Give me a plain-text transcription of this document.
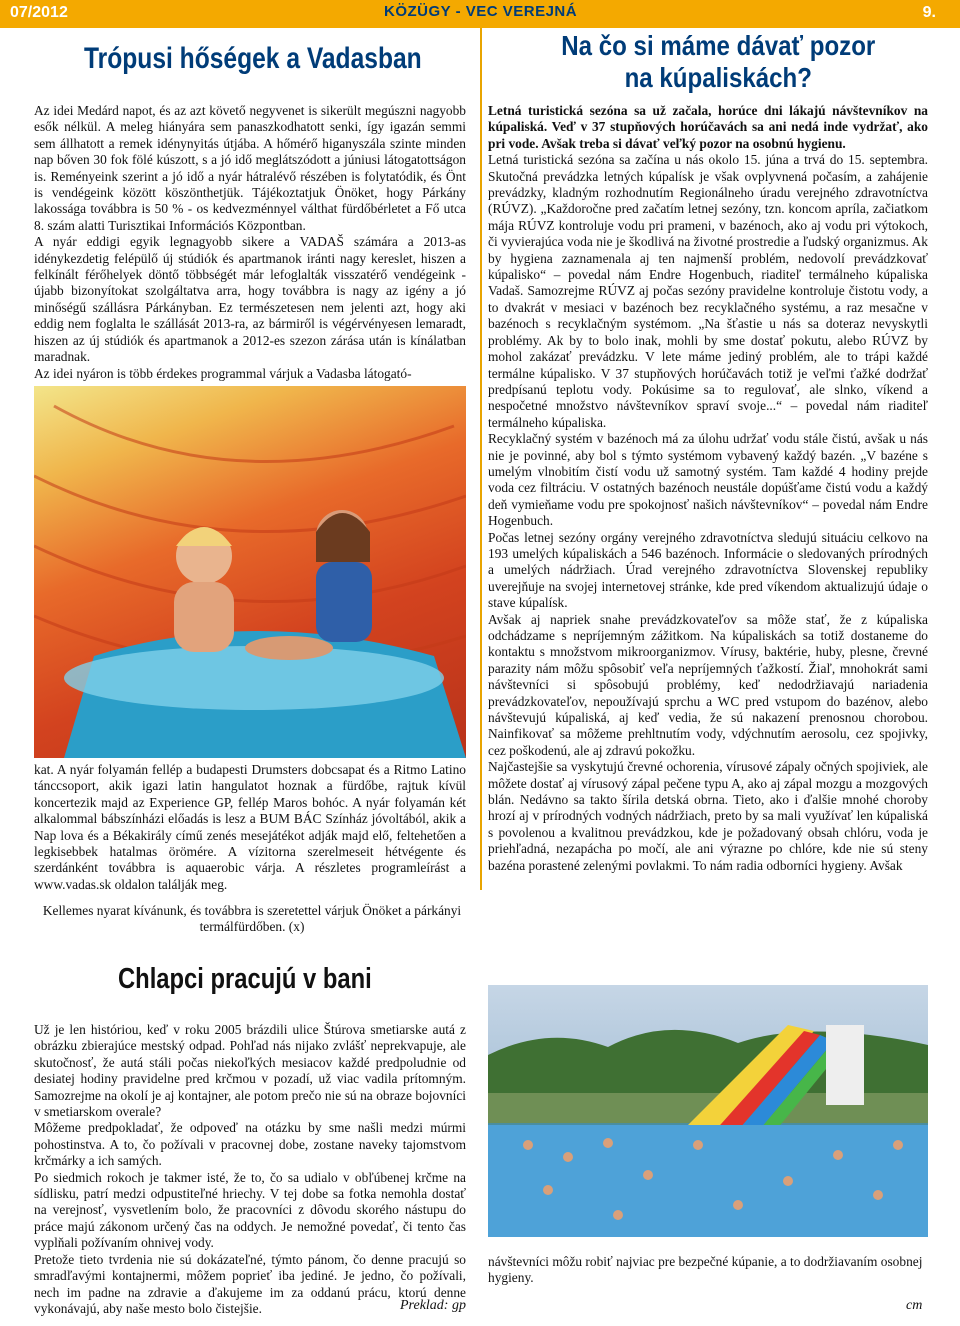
07/2012	KÖZÜGY - VEC VEREJNÁ	9.
Trópusi hőségek a Vadasban

Az idei Medárd napot, és az azt követő negyvenet is sikerült megúszni nagyobb esők nélkül. A meleg hiányára sem panaszkodhatott senki, így igazán semmi sem állhatott a remek idénynyitás útjába. A hőmérő higanyszála szinte minden nap bőven 30 fok fölé kúszott, s a jó idő meglátszódott a júniusi látogatottságon is. Reményeink szerint a jó idő a nyár hátralévő részében is folytatódik, és Önt is vendégeink között köszönthetjük. Tájékoztatjuk Önöket, hogy Párkány lakossága továbbra is 50 % - os kedvezménnyel válthat fürdőbérletet a Fő utca 8. szám alatti Turisztikai Információs Központban.

A nyár eddigi egyik legnagyobb sikere a VADAŠ számára a 2013-as idénykezdetig felépülő új stúdiók és apartmanok iránti nagy kereslet, hiszen a felkínált férőhelyek döntő többségét már lefoglalták visszatérő vendégeink - újabb bizonyítokat szolgáltatva arra, hogy továbbra is nagy az igény a jó minőségű szállásra Párkányban. Ez természetesen nem jelenti azt, hogy aki eddig nem foglalta le szállását 2013-ra, az bármiről is végérvényesen lemaradt, hiszen az új stúdiók és apartmanok a 2012-es szezon zárása után is kínálatban maradnak.

Az idei nyáron is több érdekes programmal várjuk a Vadasba látogató-

kat. A nyár folyamán fellép a budapesti Drumsters dobcsapat és a Ritmo Latino tánccsoport, akik igazi latin hangulatot hoznak a fürdőbe, rajtuk kívül koncertezik majd az Experience GP, fellép Maros bohóc. A nyár folyamán két alkalommal bábszínházi előadás is lesz a BUM BÁC Színház jóvoltából, akik a Nap lova és a Békakirály című zenés mesejátékot adják majd elő, feltehetően a legkisebbek hatalmas örömére. A vízitorna szerelmeseit hétvégente és szerdánként továbbra is aquaerobic várja. A részletes programleírást a www.vadas.sk oldalon találják meg.

Kellemes nyarat kívánunk, és továbbra is szeretettel várjuk Önöket a párkányi termálfürdőben. (x)
Na čo si máme dávať pozor na kúpaliskách?

Letná turistická sezóna sa už začala, horúce dni lákajú návštevníkov na kúpaliská. Veď v 37 stupňových horúčavách sa ani nedá inde vydržať, ako pri vode. Avšak treba si dávať veľký pozor na osobnú hygienu.

Letná turistická sezóna sa začína u nás okolo 15. júna a trvá do 15. septembra. Skutočná prevádzka letných kúpalísk je však ovplyvnená počasím, a zahájenie prevádzky, kladným rozhodnutím Regionálneho úradu verejného zdravotníctva (RÚVZ). „Každoročne pred začatím letnej sezóny, tzn. koncom apríla, začiatkom mája RÚVZ kontroluje vodu pri prameni, v bazénoch, ako aj vodu pri výtokoch, či vyvierajúca voda nie je škodlivá na životné prostredie a ľudský organizmus. Ak by hygiena zaznamenala aj ten najmenší problém, nedovolí prevádzkovať kúpalisko“ – povedal nám Endre Hogenbuch, riaditeľ termálneho kúpaliska Vadaš. Samozrejme RÚVZ aj počas sezóny pravidelne kontroluje čistotu vody, a to dvakrát v mesiaci v bazénoch bez recyklačného systému, a raz mesačne v bazénoch s recyklačným systémom. „Na šťastie u nás sa doteraz nevyskytli problémy. Ak by to bolo inak, mohli by sme dostať pokutu, alebo RÚVZ by mohol zakázať prevádzku. V lete máme jediný problém, ale to trápi každé termálne kúpalisko. V 37 stupňových horúčavách totiž je veľmi ťažké dodržať predpísanú teplotu vody. Pokúsime sa to regulovať, ale slnko, víkend a nespočetné množstvo návštevníkov spraví svoje...“ – povedal nám riaditeľ termálneho kúpaliska.

Recyklačný systém v bazénoch má za úlohu udržať vodu stále čistú, avšak u nás nie je povinné, aby bol s týmto systémom vybavený každý bazén. „V bazéne s umelým vlnobitím čistí vodu už samotný systém. Tam každé 4 hodiny prejde voda cez filtráciu. V ostatných bazénoch neustále dopúšťame čistú vodu a každý deň vymieňame vodu pre spokojnosť našich návštevníkov“ – povedal nám Endre Hogenbuch.

Počas letnej sezóny orgány verejného zdravotníctva sledujú situáciu celkovo na 193 umelých kúpaliskách a 546 bazénoch. Informácie o sledovaných prírodných a umelých nádržiach. Úrad verejného zdravotníctva Slovenskej republiky uverejňuje na svojej internetovej stránke, kde pred víkendom aktualizujú údaje o stave kúpalísk.

Avšak aj napriek snahe prevádzkovateľov sa môže stať, že z kúpaliska odchádzame s nepríjemným zážitkom. Na kúpaliskách sa totiž dostaneme do kontaktu s množstvom mikroorganizmov. Vírusy, baktérie, huby, plesne, črevné parazity nám môžu spôsobiť veľa nepríjemných ťažkostí. Žiaľ, mnohokrát sami návštevníci si spôsobujú problémy, keď nedodržiavajú nariadenia prevádzkovateľov, nepoužívajú sprchu a WC pred vstupom do bazénov, alebo návštevujú kúpaliská, aj keď vedia, že sú nakazení prenosnou chorobou. Nainfikovať sa môžeme prehltnutím vody, vdýchnutím aerosolu, cez spojivky, cez poškodenú, ale aj zdravú pokožku.

Najčastejšie sa vyskytujú črevné ochorenia, vírusové zápaly očných spojiviek, ale môžete dostať aj vírusový zápal pečene typu A, ako aj zápal mozgu a mozgových blán. Nedávno sa takto šírila detská obrna. Tieto, ako i ďalšie mnohé choroby hrozí aj v prírodných vodných nádržiach, preto by sa mali využívať len kúpaliská s povolenou a kvalitnou prevádzkou, kde je požadovaný obsah chlóru, voda je priehľadná, nezapácha po močí, ale ani výrazne po chlóre, kde nie sú steny bazéna porastené zelenými povlakmi. To nám radia odborníci hygieny. Avšak

návštevníci môžu robiť najviac pre bezpečné kúpanie, a to dodržiavaním osobnej hygieny.
cm
Chlapci pracujú v bani

Už je len históriou, keď v roku 2005 brázdili ulice Štúrova smetiarske autá z obrázku zbierajúce mestský odpad. Pohľad nás nijako zvlášť neprekvapuje, ale skutočnosť, že autá stáli počas niekoľkých mesiacov každé predpoludnie od desiatej hodiny pravidelne pred krčmou v pozadí, už viac vadila prítomným. Samozrejme na okolí je aj kontajner, ale potom prečo nie sú na obraze bojovníci v smetiarskom overale?

Môžeme predpokladať, že odpoveď na otázku by sme našli medzi múrmi pohostinstva. A to, čo požívali v pracovnej dobe, zostane naveky tajomstvom krčmárky a ich samých.

Po siedmich rokoch je takmer isté, že to, čo sa udialo v obľúbenej krčme na sídlisku, patrí medzi odpustiteľné hriechy. V tej dobe sa fotka nemohla dostať na verejnosť, vysvetlením bolo, že pracovníci z dôvodu skorého nástupu do práce majú zákonom určený čas na oddych. Je nemožné povedať, či tento čas vyplňali požívaním ohnivej vody.

Pretože tieto tvrdenia nie sú dokázateľné, týmto pánom, čo denne pracujú so smradľavými kontajnermi, môžem poprieť iba jediné. Je jedno, čo požívali, nech im padne na zdravie a ďakujeme im za oddanú prácu, ktorú denne vykonávajú, aby naše mesto bolo čistejšie.	Preklad: gp
